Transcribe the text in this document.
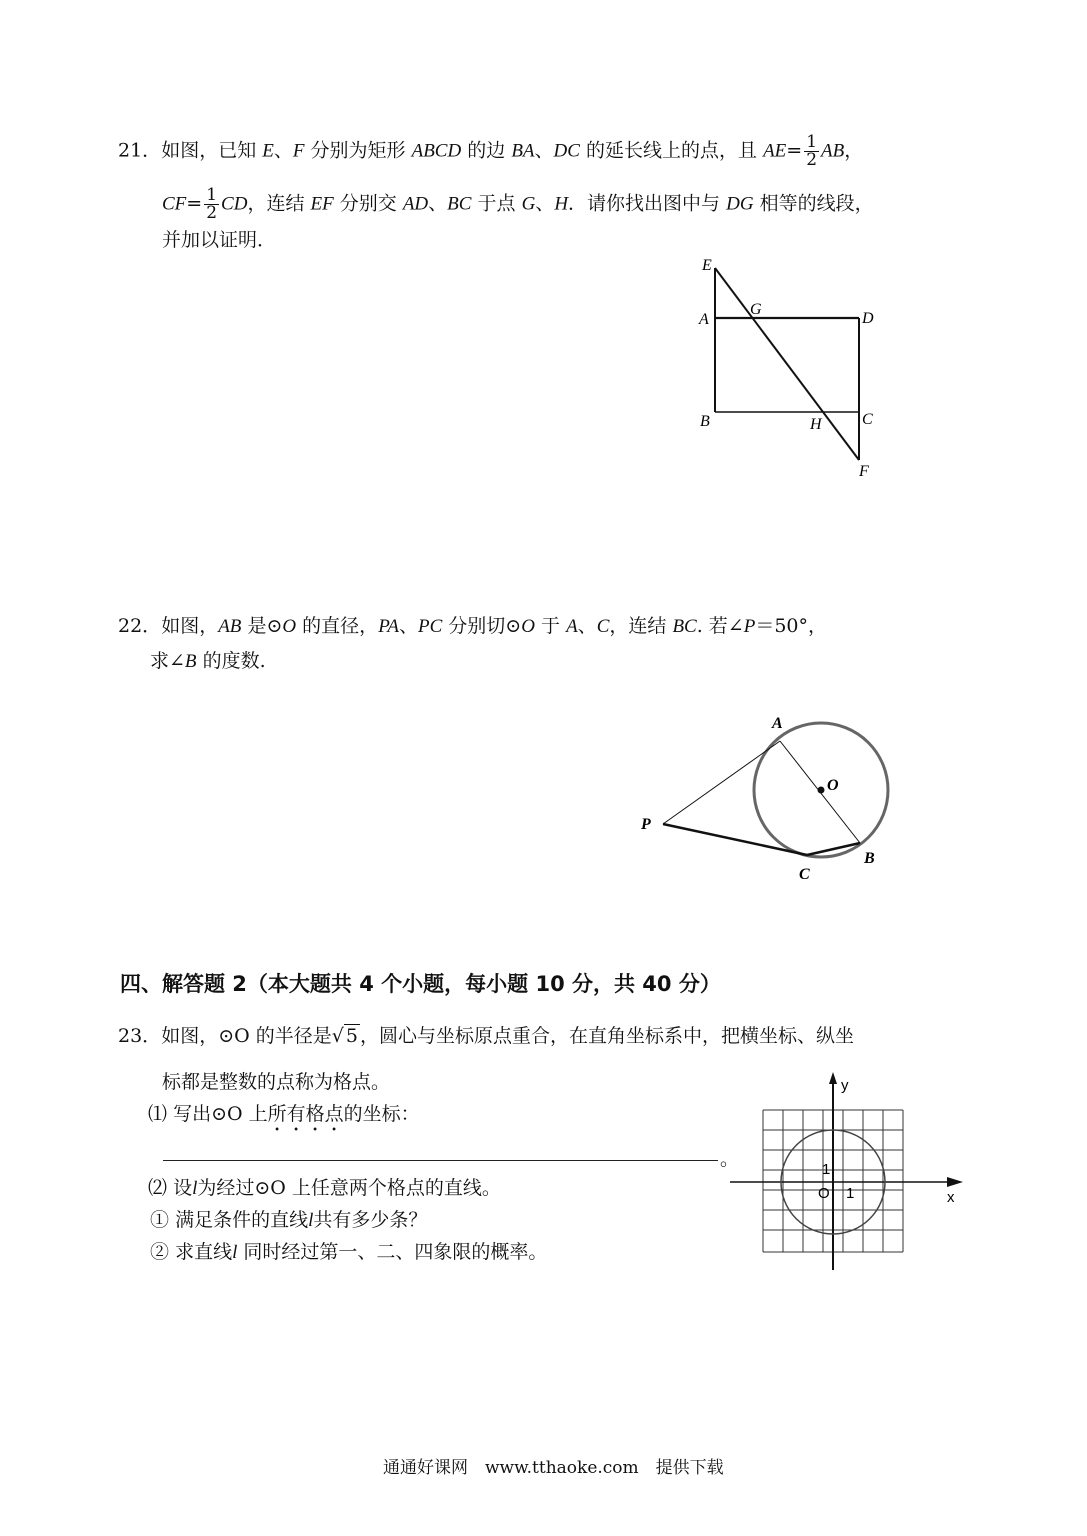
21．如图，已知 E、F 分别为矩形 ABCD 的边 BA、DC 的延长线上的点，且 $AE= \frac{1}{2}$ AB，
$CF= \frac{1}{2}$ CD，连结 EF 分别交 AD、BC 于点 G、H．请你找出图中与 DG 相等的线段，
并加以证明．
E
A
G
D
B	H	C
F
22．如图，AB 是⊙O 的直径，PA、PC 分别切⊙O 于 A、C，连结 BC. 若∠P＝50°，
求∠B 的度数.
A
O
P
B
C
四、解答题 2（本大题共 4 个小题，每小题 10 分，共 40 分）
23．如图，⊙O 的半径是√ 5 ，圆心与坐标原点重合，在直角坐标系中，把横坐标、纵坐
标都是整数的点称为格点。
⑴ 写出⊙O 上所有格点的坐标：
。
⑵ 设l为经过⊙O 上任意两个格点的直线。
① 满足条件的直线l共有多少条？
② 求直线l 同时经过第一、二、四象限的概率。
y
x
O 1
1
通通好课网　www.tthaoke.com　提供下载
